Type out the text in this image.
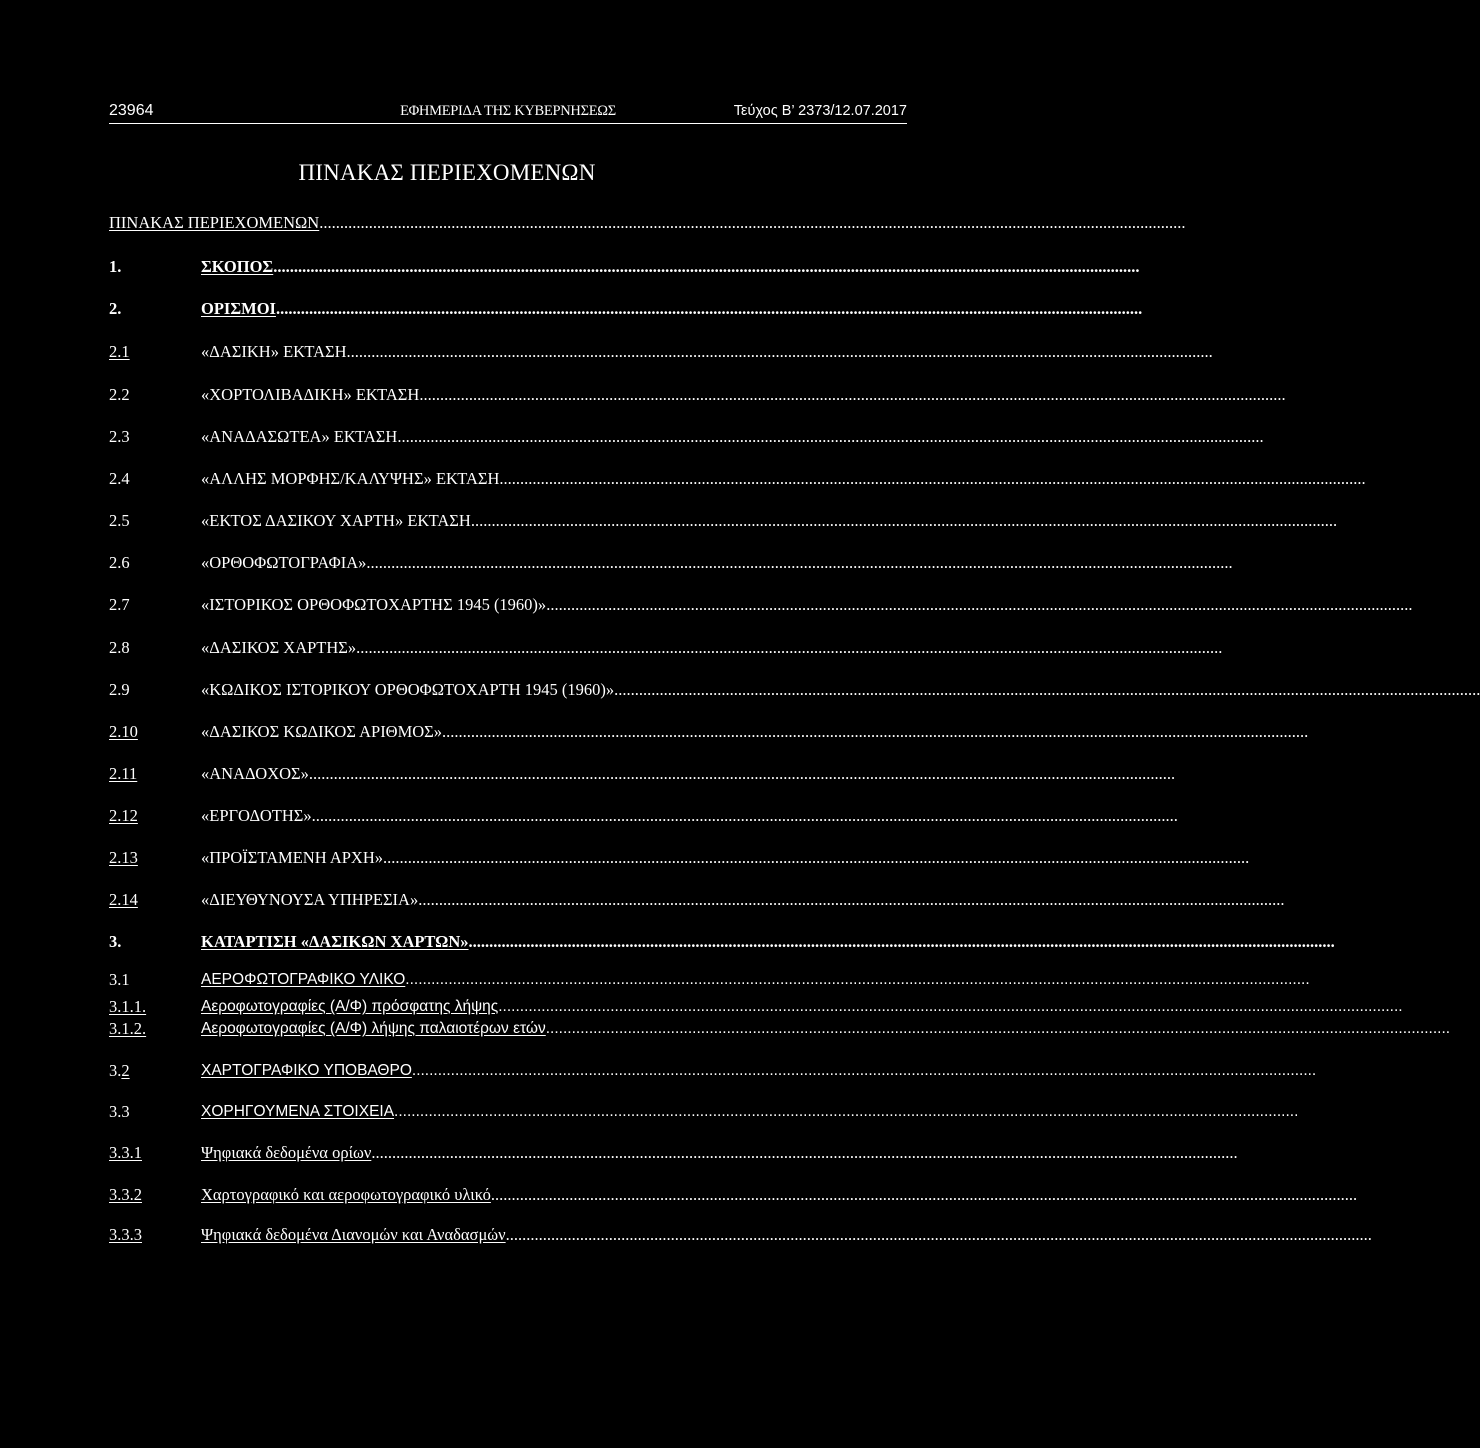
23964	ΕΦΗΜΕΡΙΔΑ ΤΗΣ ΚΥΒΕΡΝΗΣΕΩΣ	Τεύχος Β’ 2373/12.07.2017
ΠΙΝΑΚΑΣ ΠΕΡΙΕΧΟΜΕΝΩΝ
ΠΙΝΑΚΑΣ ΠΕΡΙΕΧΟΜΕΝΩΝ ..................................................................................................................................................................................................................
1.	ΣΚΟΠΟΣ ..................................................................................................................................................................................................................
2.	ΟΡΙΣΜΟΙ ..................................................................................................................................................................................................................
2.1	«ΔΑΣΙΚΗ» ΕΚΤΑΣΗ ..................................................................................................................................................................................................................
2.2	«ΧΟΡΤΟΛΙΒΑΔΙΚΗ» ΕΚΤΑΣΗ ..................................................................................................................................................................................................................
2.3	«ΑΝΑΔΑΣΩΤΕΑ» ΕΚΤΑΣΗ ..................................................................................................................................................................................................................
2.4	«ΑΛΛΗΣ ΜΟΡΦΗΣ/ΚΑΛΥΨΗΣ» ΕΚΤΑΣΗ ..................................................................................................................................................................................................................
2.5	«ΕΚΤΟΣ ΔΑΣΙΚΟΥ ΧΑΡΤΗ» ΕΚΤΑΣΗ ..................................................................................................................................................................................................................
2.6	«ΟΡΘΟΦΩΤΟΓΡΑΦΙΑ» ..................................................................................................................................................................................................................
2.7	«ΙΣΤΟΡΙΚΟΣ ΟΡΘΟΦΩΤΟΧΑΡΤΗΣ 1945 (1960)» ..................................................................................................................................................................................................................
2.8	«ΔΑΣΙΚΟΣ ΧΑΡΤΗΣ» ..................................................................................................................................................................................................................
2.9	«ΚΩΔΙΚΟΣ ΙΣΤΟΡΙΚΟΥ ΟΡΘΟΦΩΤΟΧΑΡΤΗ 1945 (1960)» ..................................................................................................................................................................................................................
2.10	«ΔΑΣΙΚΟΣ ΚΩΔΙΚΟΣ ΑΡΙΘΜΟΣ» ..................................................................................................................................................................................................................
2.11	«ΑΝΑΔΟΧΟΣ» ..................................................................................................................................................................................................................
2.12	«ΕΡΓΟΔΟΤΗΣ» ..................................................................................................................................................................................................................
2.13	«ΠΡΟΪΣΤΑΜΕΝΗ ΑΡΧΗ» ..................................................................................................................................................................................................................
2.14	«ΔΙΕΥΘΥΝΟΥΣΑ ΥΠΗΡΕΣΙΑ» ..................................................................................................................................................................................................................
3.	ΚΑΤΑΡΤΙΣΗ «ΔΑΣΙΚΩΝ ΧΑΡΤΩΝ» ..................................................................................................................................................................................................................
3.1	ΑΕΡΟΦΩΤΟΓΡΑΦΙΚΟ ΥΛΙΚΟ ..................................................................................................................................................................................................................
3.1.1.	Αεροφωτογραφίες (Α/Φ) πρόσφατης λήψης ..................................................................................................................................................................................................................
3.1.2.	Αεροφωτογραφίες (Α/Φ) λήψης παλαιοτέρων ετών ..................................................................................................................................................................................................................
3.2	ΧΑΡΤΟΓΡΑΦΙΚΟ ΥΠΟΒΑΘΡΟ ..................................................................................................................................................................................................................
3.3	ΧΟΡΗΓΟΥΜΕΝΑ ΣΤΟΙΧΕΙΑ ..................................................................................................................................................................................................................
3.3.1	Ψηφιακά δεδομένα ορίων ..................................................................................................................................................................................................................
3.3.2	Χαρτογραφικό και αεροφωτογραφικό υλικό ..................................................................................................................................................................................................................
3.3.3	Ψηφιακά δεδομένα Διανομών και Αναδασμών ..................................................................................................................................................................................................................
